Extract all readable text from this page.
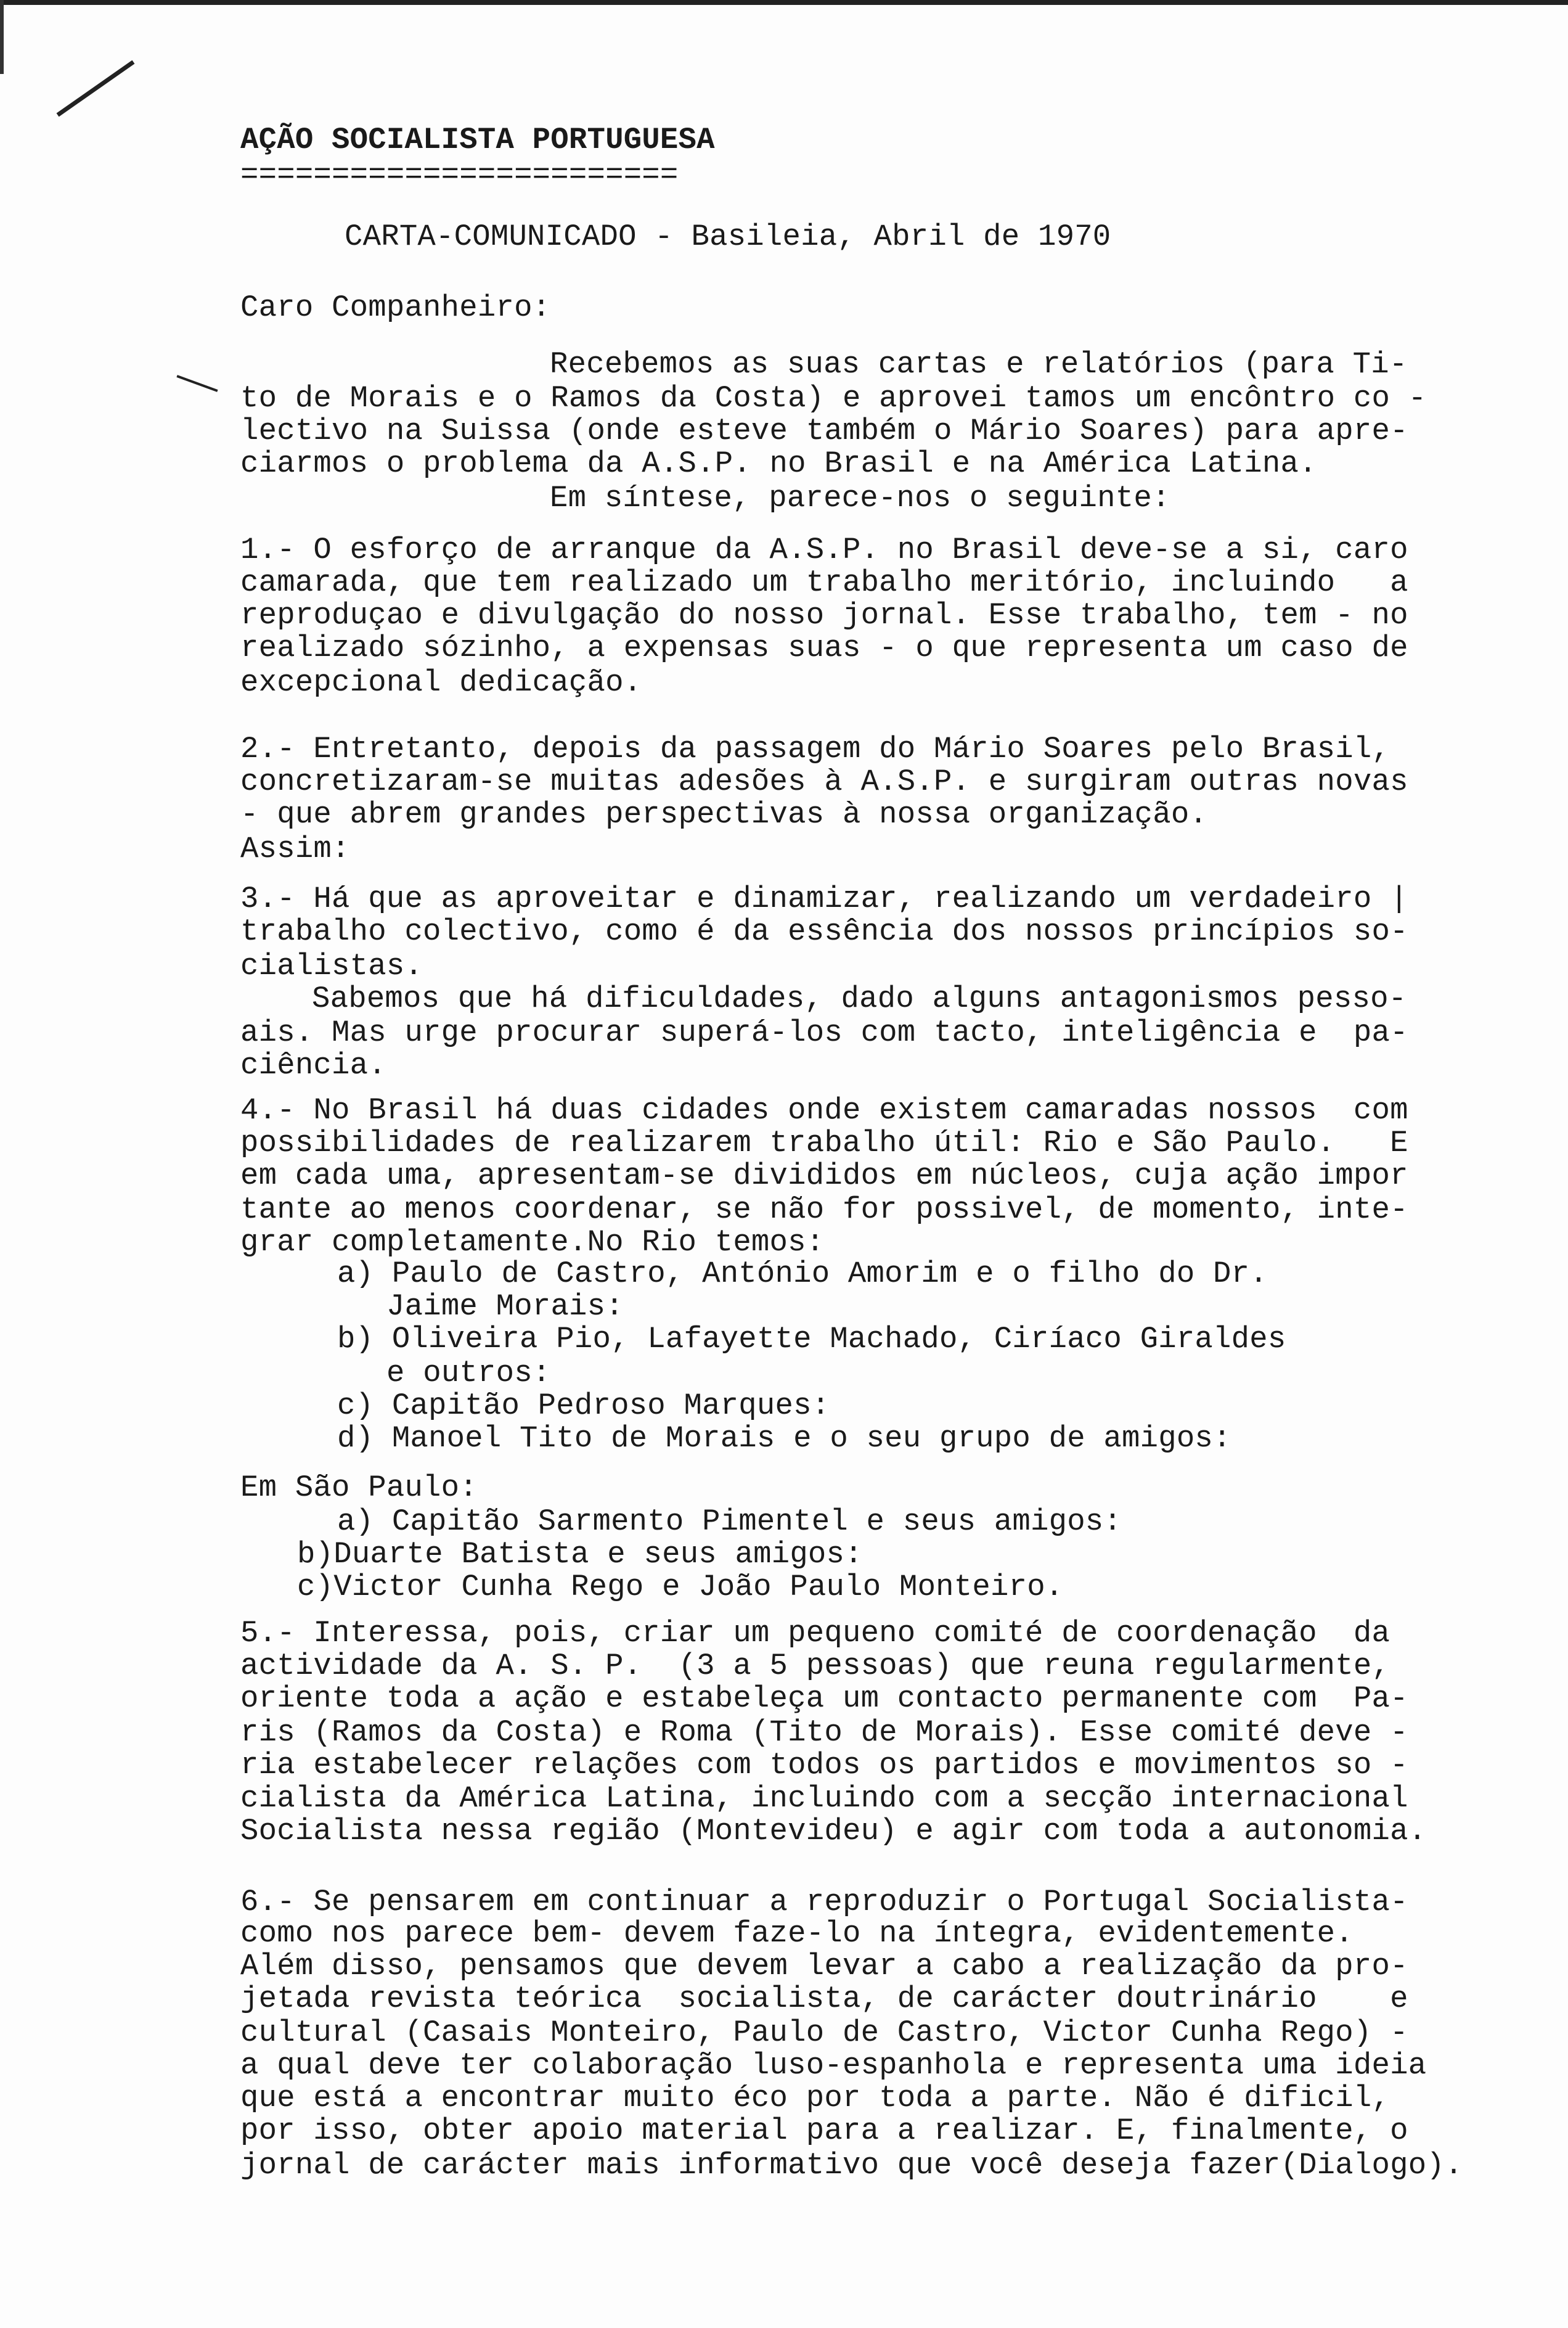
AÇÃO SOCIALISTA PORTUGUESA
========================
CARTA-COMUNICADO - Basileia, Abril de 1970
Caro Companheiro:
Recebemos as suas cartas e relatórios (para Ti-
to de Morais e o Ramos da Costa) e aprovei tamos um encôntro co -
lectivo na Suissa (onde esteve também o Mário Soares) para apre-
ciarmos o problema da A.S.P. no Brasil e na América Latina.
Em síntese, parece-nos o seguinte:
1.- O esforço de arranque da A.S.P. no Brasil deve-se a si, caro
camarada, que tem realizado um trabalho meritório, incluindo   a
reproduçao e divulgação do nosso jornal. Esse trabalho, tem - no
realizado sózinho, a expensas suas - o que representa um caso de
excepcional dedicação.
2.- Entretanto, depois da passagem do Mário Soares pelo Brasil,
concretizaram-se muitas adesões à A.S.P. e surgiram outras novas
- que abrem grandes perspectivas à nossa organização.
Assim:
3.- Há que as aproveitar e dinamizar, realizando um verdadeiro |
trabalho colectivo, como é da essência dos nossos princípios so-
cialistas.
Sabemos que há dificuldades, dado alguns antagonismos pesso-
ais. Mas urge procurar superá-los com tacto, inteligência e  pa-
ciência.
4.- No Brasil há duas cidades onde existem camaradas nossos  com
possibilidades de realizarem trabalho útil: Rio e São Paulo.   E
em cada uma, apresentam-se divididos em núcleos, cuja ação impor
tante ao menos coordenar, se não for possivel, de momento, inte-
grar completamente.No Rio temos:
a) Paulo de Castro, António Amorim e o filho do Dr.
Jaime Morais:
b) Oliveira Pio, Lafayette Machado, Ciríaco Giraldes
e outros:
c) Capitão Pedroso Marques:
d) Manoel Tito de Morais e o seu grupo de amigos:
Em São Paulo:
a) Capitão Sarmento Pimentel e seus amigos:
b)Duarte Batista e seus amigos:
c)Victor Cunha Rego e João Paulo Monteiro.
5.- Interessa, pois, criar um pequeno comité de coordenação  da
actividade da A. S. P.  (3 a 5 pessoas) que reuna regularmente,
oriente toda a ação e estabeleça um contacto permanente com  Pa-
ris (Ramos da Costa) e Roma (Tito de Morais). Esse comité deve -
ria estabelecer relações com todos os partidos e movimentos so -
cialista da América Latina, incluindo com a secção internacional
Socialista nessa região (Montevideu) e agir com toda a autonomia.
6.- Se pensarem em continuar a reproduzir o Portugal Socialista-
como nos parece bem- devem faze-lo na íntegra, evidentemente.
Além disso, pensamos que devem levar a cabo a realização da pro-
jetada revista teórica  socialista, de carácter doutrinário    e
cultural (Casais Monteiro, Paulo de Castro, Victor Cunha Rego) -
a qual deve ter colaboração luso-espanhola e representa uma ideia
que está a encontrar muito éco por toda a parte. Não é dificil,
por isso, obter apoio material para a realizar. E, finalmente, o
jornal de carácter mais informativo que você deseja fazer(Dialogo).
